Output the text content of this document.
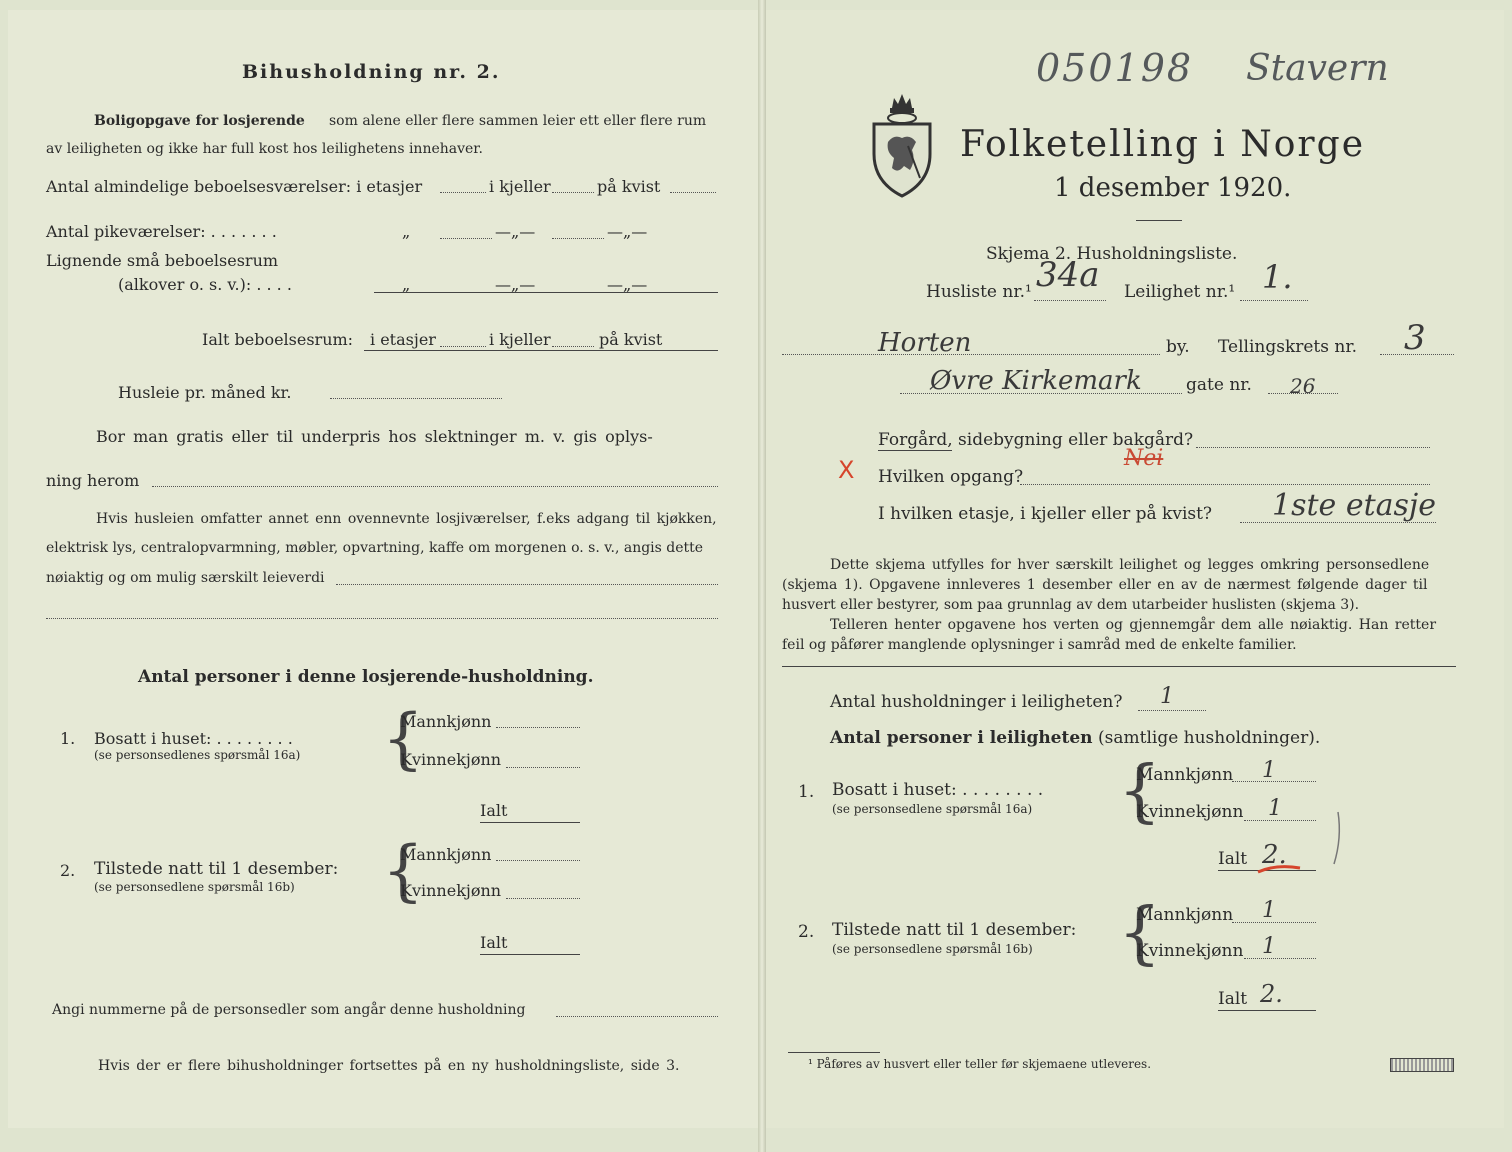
Bihusholdning nr. 2.
Boligopgave for losjerende som alene eller flere sammen leier ett eller flere rum
av leiligheten og ikke har full kost hos leilighetens innehaver.
Antal almindelige beboelsesværelser: i etasjer	i kjeller	på kvist
Antal pikeværelser: . . . . . . .	„	—„—	—„—
Lignende små beboelsesrum
(alkover o. s. v.): . . . .	„	—„—	—„—
Ialt beboelsesrum: i etasjer	i kjeller	på kvist
Husleie pr. måned kr.
Bor man gratis eller til underpris hos slektninger m. v. gis oplys-
ning herom
Hvis husleien omfatter annet enn ovennevnte losjiværelser, f.eks adgang til kjøkken,
elektrisk lys, centralopvarmning, møbler, opvartning, kaffe om morgenen o. s. v., angis dette
nøiaktig og om mulig særskilt leieverdi
Antal personer i denne losjerende-husholdning.
1. Bosatt i huset: . . . . . . . .
(se personsedlenes spørsmål 16a) {
Mannkjønn
Kvinnekjønn
Ialt
2. Tilstede natt til 1 desember:
(se personsedlene spørsmål 16b) {
Mannkjønn
Kvinnekjønn
Ialt
Angi nummerne på de personsedler som angår denne husholdning
Hvis der er flere bihusholdninger fortsettes på en ny husholdningsliste, side 3.
050198 Stavern
Folketelling i Norge
1 desember 1920.
Skjema 2. Husholdningsliste.
Husliste nr.¹ 34a Leilighet nr.¹ 1.
Horten	by. Tellingskrets nr. 3
Øvre Kirkemark	gate nr. 26
Forgård, sidebygning eller bakgård?
X Hvilken opgang?
Nei
I hvilken etasje, i kjeller eller på kvist? 1ste etasje
Dette skjema utfylles for hver særskilt leilighet og legges omkring personsedlene
(skjema 1). Opgavene innleveres 1 desember eller en av de nærmest følgende dager til
husvert eller bestyrer, som paa grunnlag av dem utarbeider huslisten (skjema 3).
Telleren henter opgavene hos verten og gjennemgår dem alle nøiaktig. Han retter
feil og påfører manglende oplysninger i samråd med de enkelte familier.
Antal husholdninger i leiligheten? 1
Antal personer i leiligheten (samtlige husholdninger).
1. Bosatt i huset: . . . . . . . .
(se personsedlene spørsmål 16a) {
Mannkjønn 1
Kvinnekjønn 1
Ialt 2.
2. Tilstede natt til 1 desember:
(se personsedlene spørsmål 16b) {
Mannkjønn 1
Kvinnekjønn 1
Ialt 2.
¹ Påføres av husvert eller teller før skjemaene utleveres.
